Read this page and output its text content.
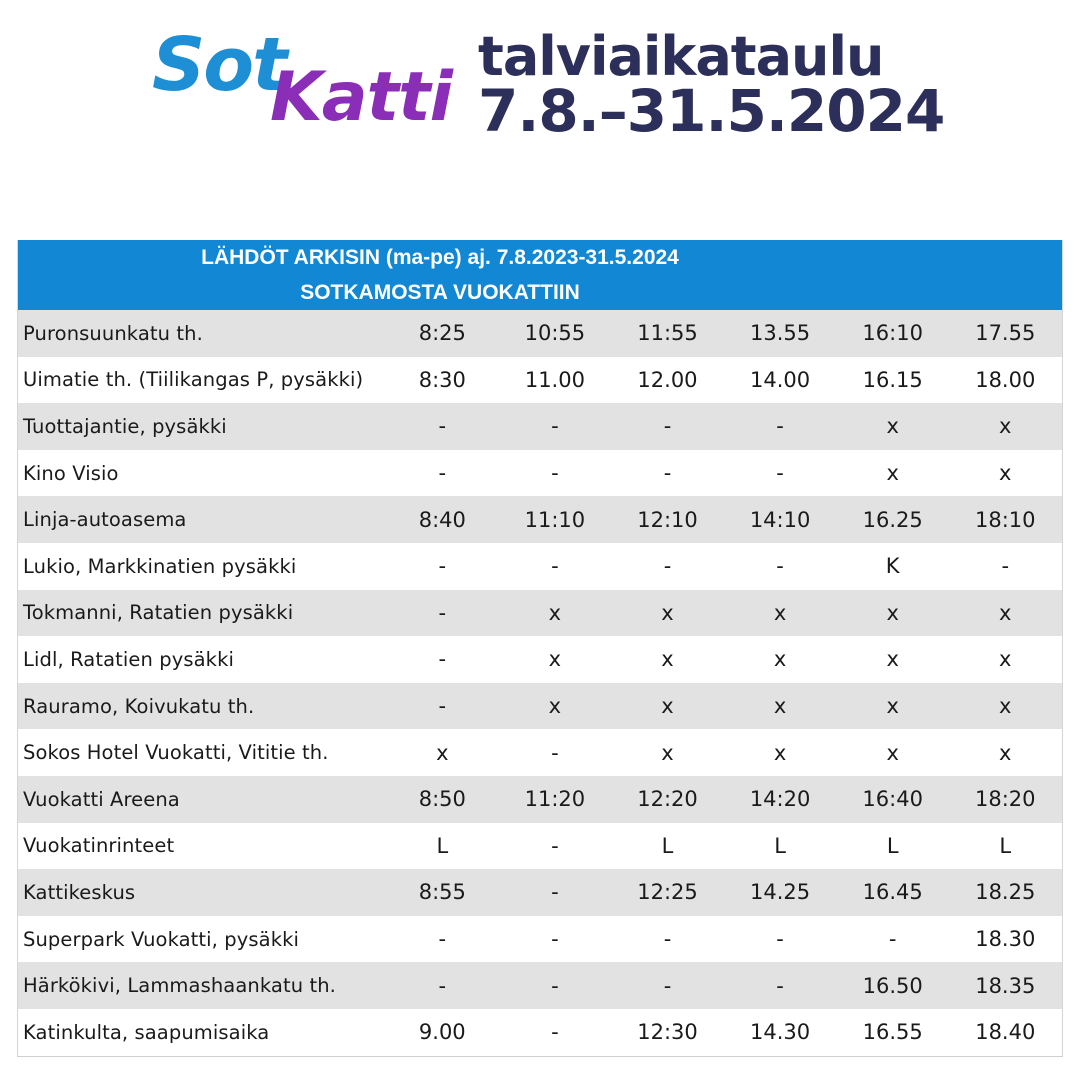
Sot
Katti
talviaikataulu
7.8.–31.5.2024
LÄHDÖT ARKISIN (ma-pe) aj. 7.8.2023-31.5.2024
SOTKAMOSTA VUOKATTIIN
Puronsuunkatu th.	8:25	10:55	11:55	13.55	16:10	17.55
Uimatie th. (Tiilikangas P, pysäkki)	8:30	11.00	12.00	14.00	16.15	18.00
Tuottajantie, pysäkki	-	-	-	-	x	x
Kino Visio	-	-	-	-	x	x
Linja-autoasema	8:40	11:10	12:10	14:10	16.25	18:10
Lukio, Markkinatien pysäkki	-	-	-	-	K	-
Tokmanni, Ratatien pysäkki	-	x	x	x	x	x
Lidl, Ratatien pysäkki	-	x	x	x	x	x
Rauramo, Koivukatu th.	-	x	x	x	x	x
Sokos Hotel Vuokatti, Vititie th.	x	-	x	x	x	x
Vuokatti Areena	8:50	11:20	12:20	14:20	16:40	18:20
Vuokatinrinteet	L	-	L	L	L	L
Kattikeskus	8:55	-	12:25	14.25	16.45	18.25
Superpark Vuokatti, pysäkki	-	-	-	-	-	18.30
Härkökivi, Lammashaankatu th.	-	-	-	-	16.50	18.35
Katinkulta, saapumisaika	9.00	-	12:30	14.30	16.55	18.40
